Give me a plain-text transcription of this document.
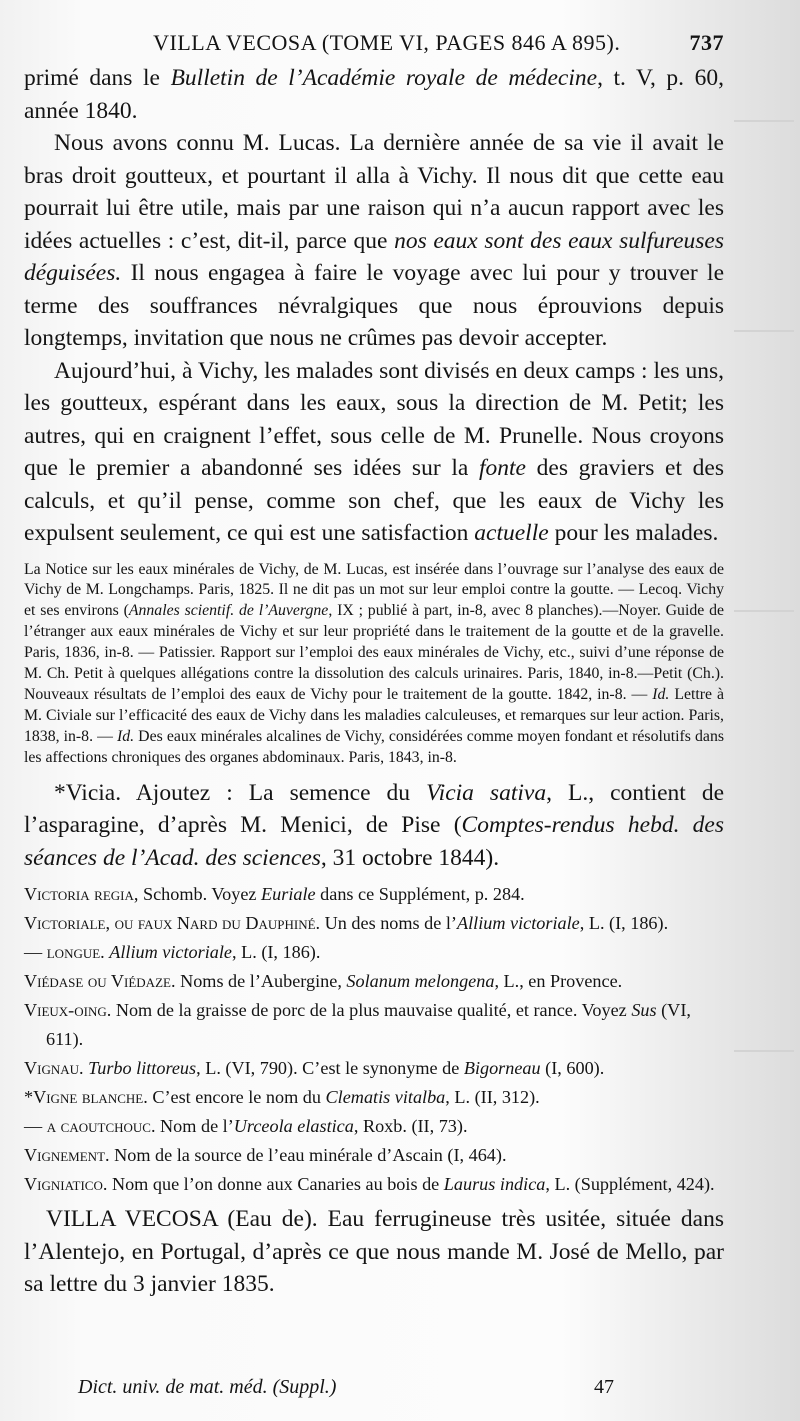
VILLA VECOSA (TOME VI, PAGES 846 A 895).	737

primé dans le Bulletin de l’Académie royale de médecine, t. V, p. 60, année 1840.

Nous avons connu M. Lucas. La dernière année de sa vie il avait le bras droit goutteux, et pourtant il alla à Vichy. Il nous dit que cette eau pourrait lui être utile, mais par une raison qui n’a aucun rapport avec les idées actuelles : c’est, dit-il, parce que nos eaux sont des eaux sulfureuses déguisées. Il nous engagea à faire le voyage avec lui pour y trouver le terme des souffrances névralgiques que nous éprouvions depuis longtemps, invitation que nous ne crûmes pas devoir accepter.

Aujourd’hui, à Vichy, les malades sont divisés en deux camps : les uns, les goutteux, espérant dans les eaux, sous la direction de M. Petit; les autres, qui en craignent l’effet, sous celle de M. Prunelle. Nous croyons que le premier a abandonné ses idées sur la fonte des graviers et des calculs, et qu’il pense, comme son chef, que les eaux de Vichy les expulsent seulement, ce qui est une satisfaction actuelle pour les malades.

La Notice sur les eaux minérales de Vichy, de M. Lucas, est insérée dans l’ouvrage sur l’analyse des eaux de Vichy de M. Longchamps. Paris, 1825. Il ne dit pas un mot sur leur emploi contre la goutte. — Lecoq. Vichy et ses environs (Annales scientif. de l’Auvergne, IX ; publié à part, in-8, avec 8 planches).—Noyer. Guide de l’étranger aux eaux minérales de Vichy et sur leur propriété dans le traitement de la goutte et de la gravelle. Paris, 1836, in-8. — Patissier. Rapport sur l’emploi des eaux minérales de Vichy, etc., suivi d’une réponse de M. Ch. Petit à quelques allégations contre la dissolution des calculs urinaires. Paris, 1840, in-8.—Petit (Ch.). Nouveaux résultats de l’emploi des eaux de Vichy pour le traitement de la goutte. 1842, in-8. — Id. Lettre à M. Civiale sur l’efficacité des eaux de Vichy dans les maladies calculeuses, et remarques sur leur action. Paris, 1838, in-8. — Id. Des eaux minérales alcalines de Vichy, considérées comme moyen fondant et résolutifs dans les affections chroniques des organes abdominaux. Paris, 1843, in-8.

*Vicia. Ajoutez : La semence du Vicia sativa, L., contient de l’asparagine, d’après M. Menici, de Pise (Comptes-rendus hebd. des séances de l’Acad. des sciences, 31 octobre 1844).

Victoria regia, Schomb. Voyez Euriale dans ce Supplément, p. 284.

Victoriale, ou faux Nard du Dauphiné. Un des noms de l’Allium victoriale, L. (I, 186).

— longue. Allium victoriale, L. (I, 186).

Viédase ou Viédaze. Noms de l’Aubergine, Solanum melongena, L., en Provence.

Vieux-oing. Nom de la graisse de porc de la plus mauvaise qualité, et rance. Voyez Sus (VI, 611).

Vignau. Turbo littoreus, L. (VI, 790). C’est le synonyme de Bigorneau (I, 600).

*Vigne blanche. C’est encore le nom du Clematis vitalba, L. (II, 312).

— a caoutchouc. Nom de l’Urceola elastica, Roxb. (II, 73).

Vignement. Nom de la source de l’eau minérale d’Ascain (I, 464).

Vigniatico. Nom que l’on donne aux Canaries au bois de Laurus indica, L. (Supplément, 424).

VILLA VECOSA (Eau de). Eau ferrugineuse très usitée, située dans l’Alentejo, en Portugal, d’après ce que nous mande M. José de Mello, par sa lettre du 3 janvier 1835.

Dict. univ. de mat. méd. (Suppl.)	47
